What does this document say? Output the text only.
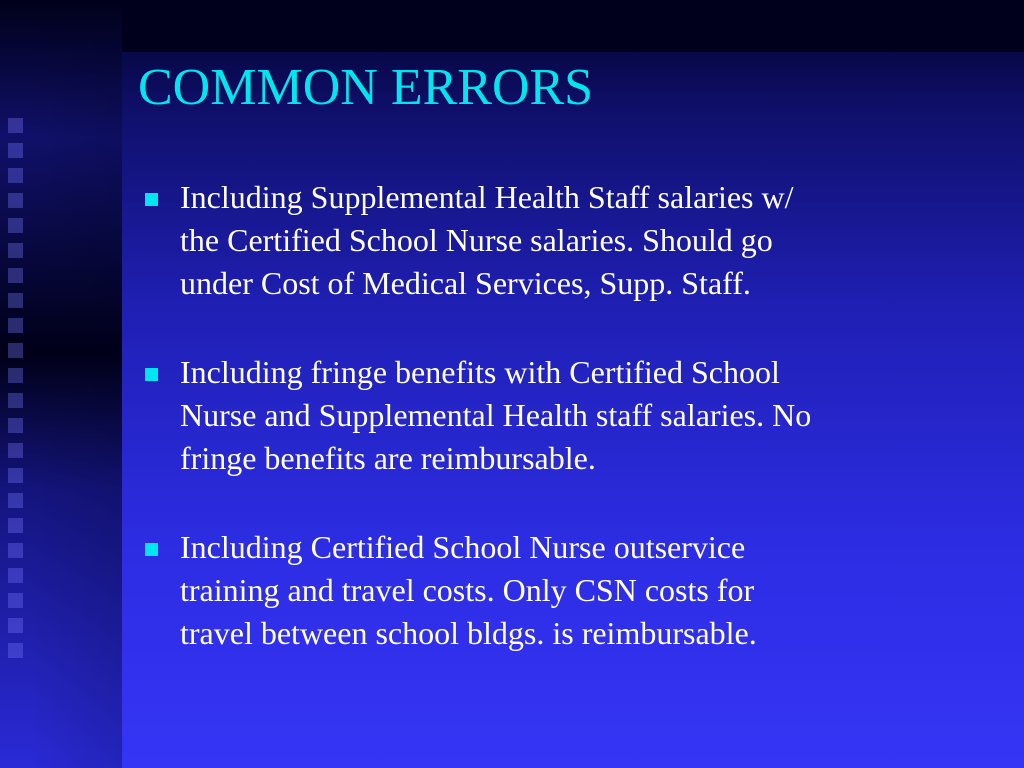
COMMON ERRORS
Including Supplemental Health Staff salaries w/
the Certified School Nurse salaries. Should go
under Cost of Medical Services, Supp. Staff.
Including fringe benefits with Certified School
Nurse and Supplemental Health staff salaries. No
fringe benefits are reimbursable.
Including Certified School Nurse outservice
training and travel costs. Only CSN costs for
travel between school bldgs. is reimbursable.
